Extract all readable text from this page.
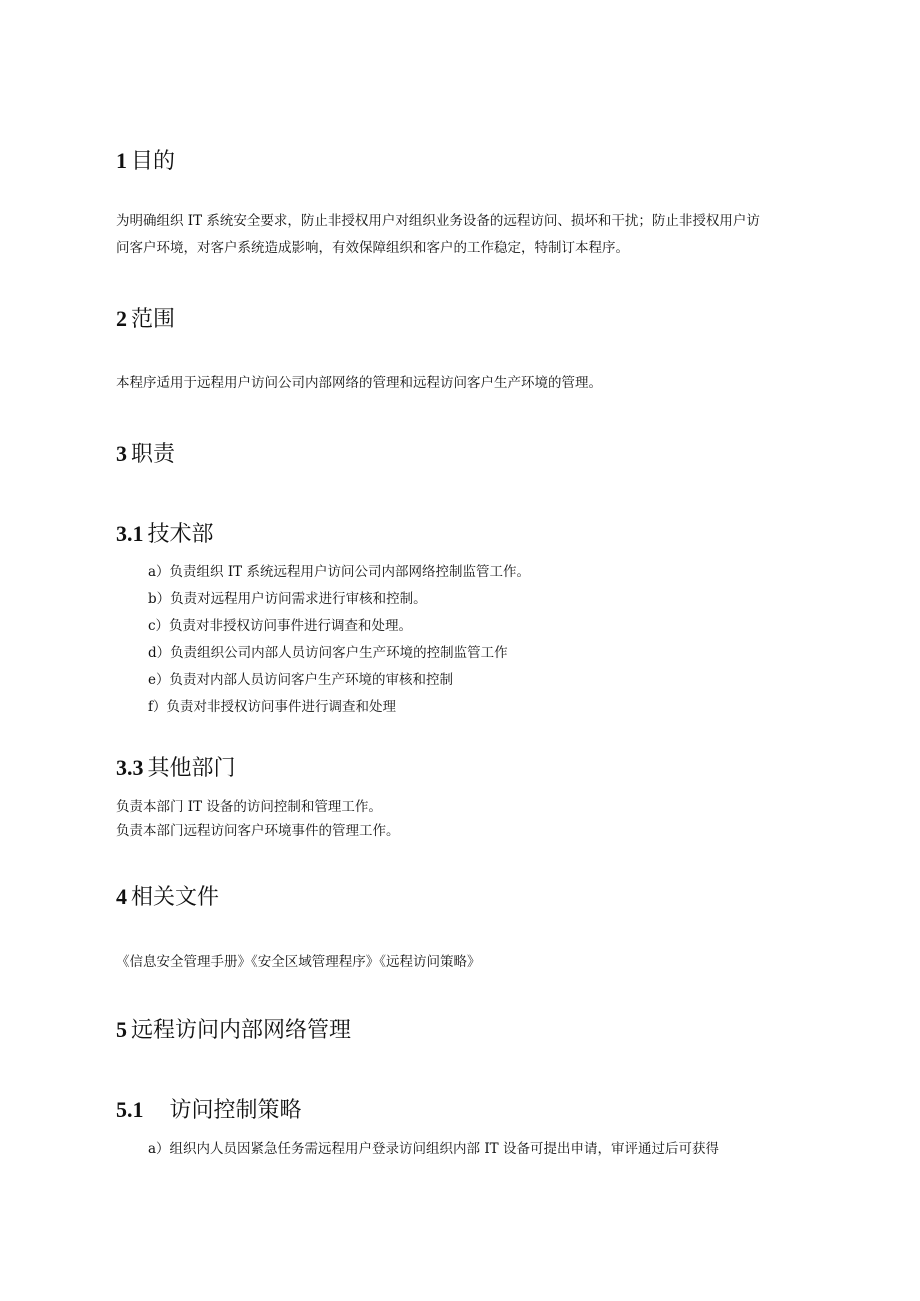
1 目的
为明确组织 IT 系统安全要求，防止非授权用户对组织业务设备的远程访问、损坏和干扰；防止非授权用户访
问客户环境，对客户系统造成影响，有效保障组织和客户的工作稳定，特制订本程序。
2 范围
本程序适用于远程用户访问公司内部网络的管理和远程访问客户生产环境的管理。
3 职责
3.1 技术部
a）负责组织 IT 系统远程用户访问公司内部网络控制监管工作。
b）负责对远程用户访问需求进行审核和控制。
c）负责对非授权访问事件进行调查和处理。
d）负责组织公司内部人员访问客户生产环境的控制监管工作
e）负责对内部人员访问客户生产环境的审核和控制
f）负责对非授权访问事件进行调查和处理
3.3 其他部门
负责本部门 IT 设备的访问控制和管理工作。
负责本部门远程访问客户环境事件的管理工作。
4 相关文件
《信息安全管理手册》《安全区域管理程序》《远程访问策略》
5 远程访问内部网络管理
5.1 访问控制策略
a）组织内人员因紧急任务需远程用户登录访问组织内部 IT 设备可提出申请，审评通过后可获得
